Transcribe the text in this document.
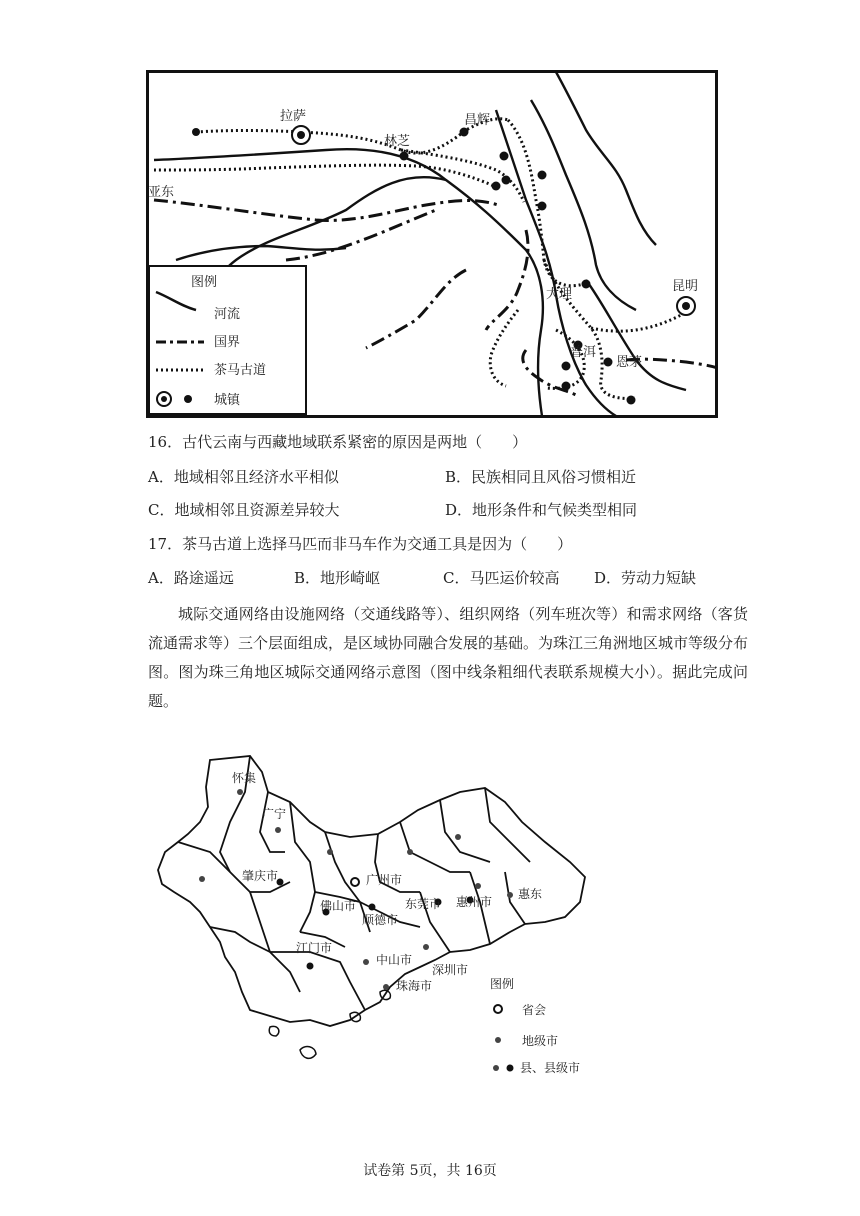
图例
河流
国界
茶马古道
城镇
拉萨
林芝
昌辉
亚东
大理
昆明
普洱
恩茅
16．古代云南与西藏地域联系紧密的原因是两地（　　）
A．地域相邻且经济水平相似	B．民族相同且风俗习惯相近
C．地域相邻且资源差异较大	D．地形条件和气候类型相同
17．茶马古道上选择马匹而非马车作为交通工具是因为（　　）
A．路途遥远	B．地形崎岖	C．马匹运价较高 D．劳动力短缺
城际交通网络由设施网络（交通线路等）、组织网络（列车班次等）和需求网络（客货流通需求等）三个层面组成，是区域协同融合发展的基础。为珠江三角洲地区城市等级分布图。图为珠三角地区城际交通网络示意图（图中线条粗细代表联系规模大小）。据此完成问题。
怀集
广宁
肇庆市	广州市
佛山市
顺德市
东莞市 惠州市
惠东
江门市
中山市
深圳市
珠海市	图例
省会
地级市
县、县级市
试卷第 5页，共 16页
